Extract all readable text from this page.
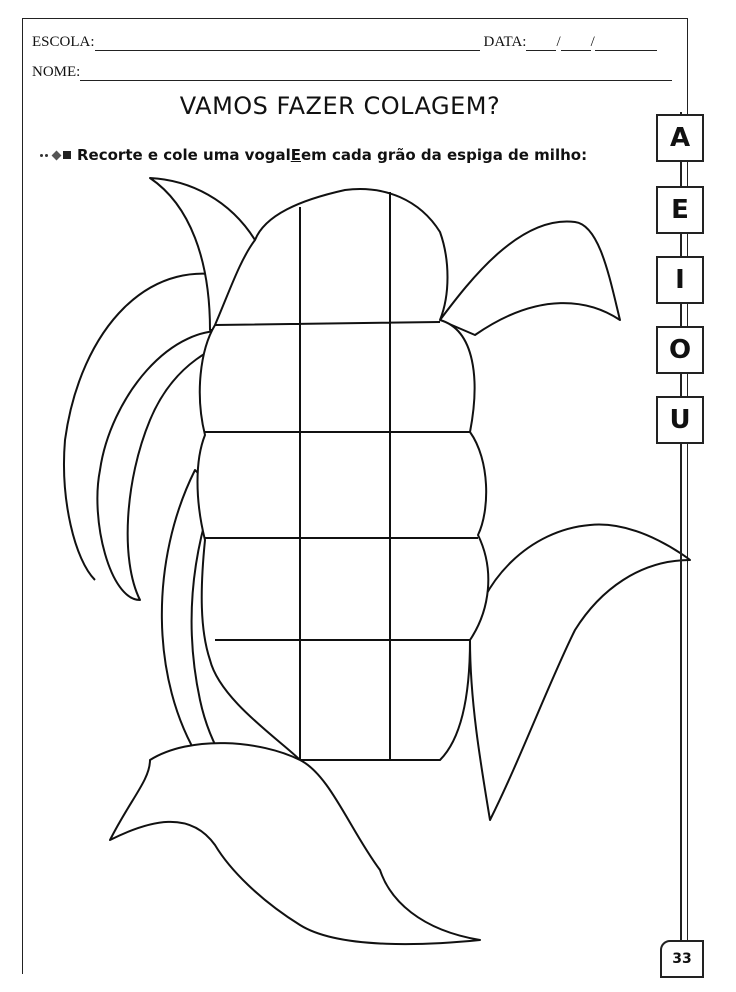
ESCOLA:	DATA: / /
NOME:
VAMOS FAZER COLAGEM?
Recorte e cole uma vogal E em cada grão da espiga de milho:
A
E
I
O
U
33
